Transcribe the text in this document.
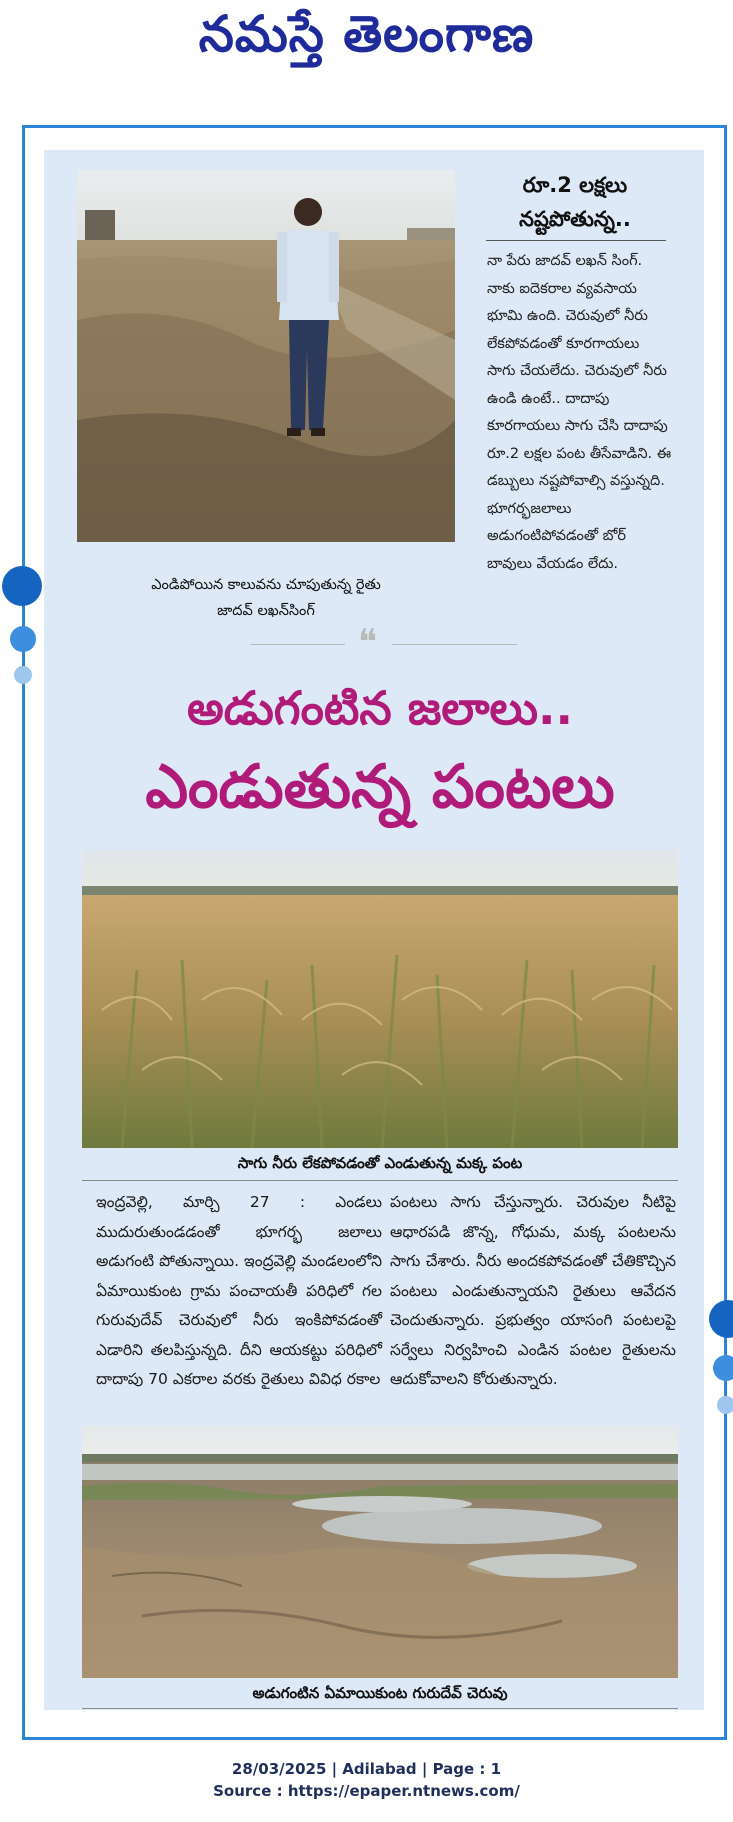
నమస్తే తెలంగాణ
రూ.2 లక్షలు నష్టపోతున్న..
నా పేరు జాదవ్ లఖన్ సింగ్. నాకు ఐదెకరాల వ్యవసాయ భూమి ఉంది. చెరువులో నీరు లేకపోవడంతో కూరగాయలు సాగు చేయలేదు. చెరువులో నీరు ఉండి ఉంటే.. దాదాపు కూరగాయలు సాగు చేసి దాదాపు రూ.2 లక్షల పంట తీసేవాడిని. ఈ డబ్బులు నష్టపోవాల్సి వస్తున్నది. భూగర్భజలాలు అడుగంటిపోవడంతో బోర్ బావులు వేయడం లేదు.
ఎండిపోయిన కాలువను చూపుతున్న రైతు
జాదవ్ లఖన్‌సింగ్
❝
అడుగంటిన జలాలు..
ఎండుతున్న పంటలు
సాగు నీరు లేకపోవడంతో ఎండుతున్న మక్క పంట
ఇంద్రవెల్లి, మార్చి 27 : ఎండలు ముదురుతుండడంతో భూగర్భ జలాలు అడుగంటి పోతున్నాయి. ఇంద్రవెల్లి మండలంలోని ఏమాయికుంట గ్రామ పంచాయతీ పరిధిలో గల గురువుదేవ్ చెరువులో నీరు ఇంకిపోవడంతో ఎడారిని తలపిస్తున్నది. దీని ఆయకట్టు పరిధిలో దాదాపు 70 ఎకరాల వరకు రైతులు వివిధ రకాల
పంటలు సాగు చేస్తున్నారు. చెరువుల నీటిపై ఆధారపడి జొన్న, గోధుమ, మక్క పంటలను సాగు చేశారు. నీరు అందకపోవడంతో చేతికొచ్చిన పంటలు ఎండుతున్నాయని రైతులు ఆవేదన చెందుతున్నారు. ప్రభుత్వం యాసంగి పంటలపై సర్వేలు నిర్వహించి ఎండిన పంటల రైతులను ఆదుకోవాలని కోరుతున్నారు.
అడుగంటిన ఏమాయికుంట గురుదేవ్ చెరువు
28/03/2025 | Adilabad | Page : 1
Source : https://epaper.ntnews.com/
